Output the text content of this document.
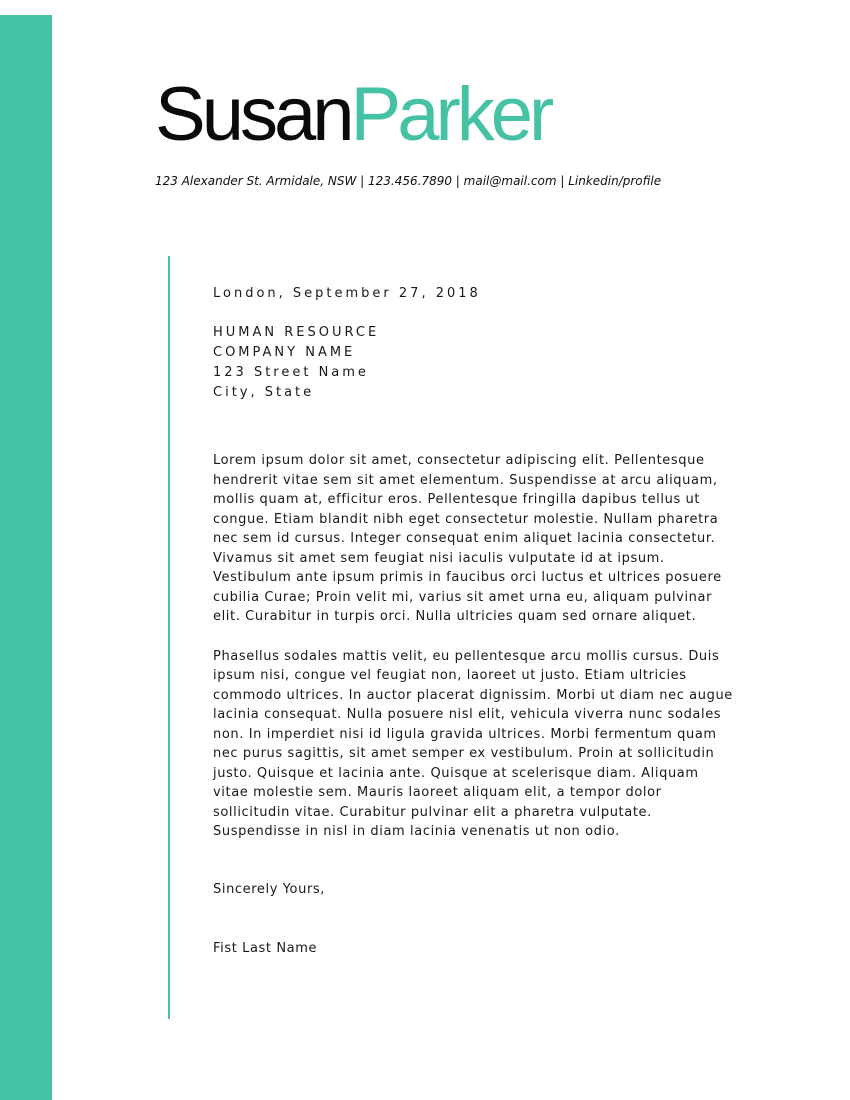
SusanParker

123 Alexander St. Armidale, NSW | 123.456.7890 | mail@mail.com | Linkedin/profile

London, September 27, 2018

HUMAN RESOURCE

COMPANY NAME

123 Street Name

City, State

Lorem ipsum dolor sit amet, consectetur adipiscing elit. Pellentesque hendrerit vitae sem sit amet elementum. Suspendisse at arcu aliquam, mollis quam at, efficitur eros. Pellentesque fringilla dapibus tellus ut congue. Etiam blandit nibh eget consectetur molestie. Nullam pharetra nec sem id cursus. Integer consequat enim aliquet lacinia consectetur. Vivamus sit amet sem feugiat nisi iaculis vulputate id at ipsum. Vestibulum ante ipsum primis in faucibus orci luctus et ultrices posuere cubilia Curae; Proin velit mi, varius sit amet urna eu, aliquam pulvinar elit. Curabitur in turpis orci. Nulla ultricies quam sed ornare aliquet.

Phasellus sodales mattis velit, eu pellentesque arcu mollis cursus. Duis ipsum nisi, congue vel feugiat non, laoreet ut justo. Etiam ultricies commodo ultrices. In auctor placerat dignissim. Morbi ut diam nec augue lacinia consequat. Nulla posuere nisl elit, vehicula viverra nunc sodales non. In imperdiet nisi id ligula gravida ultrices. Morbi fermentum quam nec purus sagittis, sit amet semper ex vestibulum. Proin at sollicitudin justo. Quisque et lacinia ante. Quisque at scelerisque diam. Aliquam vitae molestie sem. Mauris laoreet aliquam elit, a tempor dolor sollicitudin vitae. Curabitur pulvinar elit a pharetra vulputate. Suspendisse in nisl in diam lacinia venenatis ut non odio.

Sincerely Yours,

Fist Last Name
